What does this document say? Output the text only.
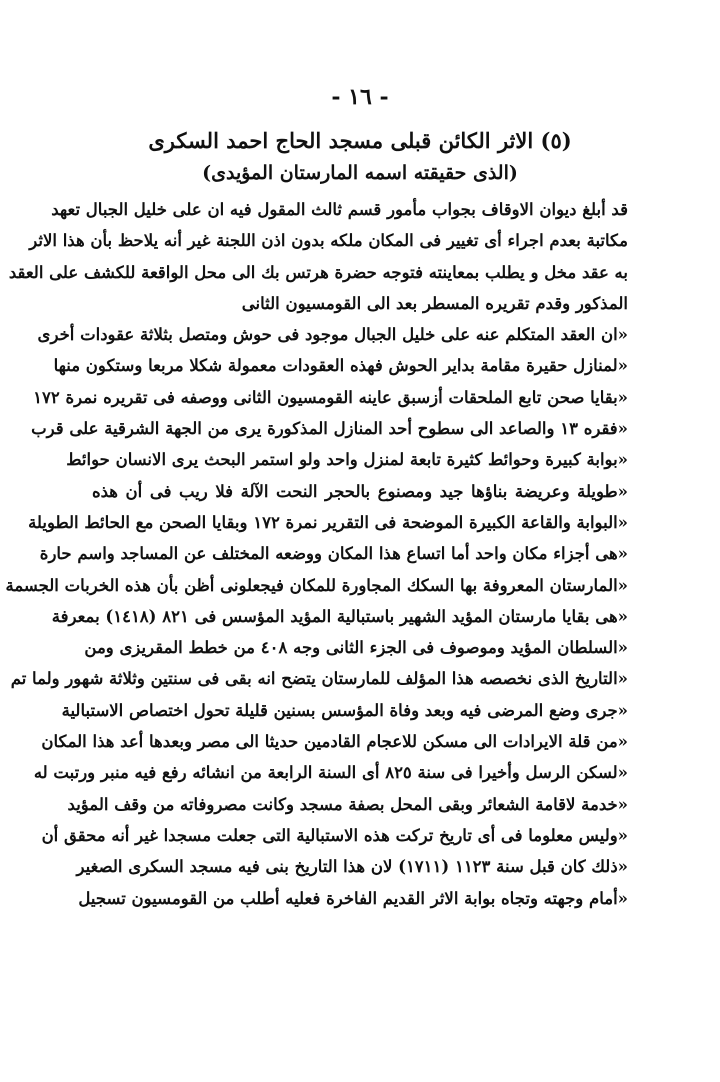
- ١٦ -
(٥) الاثر الكائن قبلى مسجد الحاج احمد السكرى
(الذى حقيقته اسمه المارستان المؤيدى)
قد أبلغ ديوان الاوقاف بجواب مأمور قسم ثالث المقول فيه ان على خليل الجبال تعهد
مكاتبة بعدم اجراء أى تغيير فى المكان ملكه بدون اذن اللجنة غير أنه يلاحظ بأن هذا الاثر
به عقد مخل و يطلب بمعاينته فتوجه حضرة هرتس بك الى محل الواقعة للكشف على العقد
المذكور وقدم تقريره المسطر بعد الى القومسيون الثانى
«ان العقد المتكلم عنه على خليل الجبال موجود فى حوش ومتصل بثلاثة عقودات أخرى
«لمنازل حقيرة مقامة بداير الحوش فهذه العقودات معمولة شكلا مربعا وستكون منها
«بقايا صحن تابع الملحقات أزسبق عاينه القومسيون الثانى ووصفه فى تقريره نمرة ١٧٢
«فقره ١٣ والصاعد الى سطوح أحد المنازل المذكورة يرى من الجهة الشرقية على قرب
«بوابة كبيرة وحوائط كثيرة تابعة لمنزل واحد ولو استمر البحث يرى الانسان حوائط
«طويلة وعريضة بناؤها جيد ومصنوع بالحجر النحت الآلة فلا ريب فى أن هذه
«البوابة والقاعة الكبيرة الموضحة فى التقرير نمرة ١٧٢ وبقايا الصحن مع الحائط الطويلة
«هى أجزاء مكان واحد أما اتساع هذا المكان ووضعه المختلف عن المساجد واسم حارة
«المارستان المعروفة بها السكك المجاورة للمكان فيجعلونى أظن بأن هذه الخربات الجسمة
«هى بقايا مارستان المؤيد الشهير باستبالية المؤيد المؤسس فى ٨٢١ (١٤١٨) بمعرفة
«السلطان المؤيد وموصوف فى الجزء الثانى وجه ٤٠٨ من خطط المقريزى ومن
«التاريخ الذى نخصصه هذا المؤلف للمارستان يتضح انه بقى فى سنتين وثلاثة شهور ولما تم
«جرى وضع المرضى فيه وبعد وفاة المؤسس بسنين قليلة تحول اختصاص الاستبالية
«من قلة الايرادات الى مسكن للاعجام القادمين حديثا الى مصر وبعدها أعد هذا المكان
«لسكن الرسل وأخيرا فى سنة ٨٢٥ أى السنة الرابعة من انشائه رفع فيه منبر ورتبت له
«خدمة لاقامة الشعائر وبقى المحل بصفة مسجد وكانت مصروفاته من وقف المؤيد
«وليس معلوما فى أى تاريخ تركت هذه الاستبالية التى جعلت مسجدا غير أنه محقق أن
«ذلك كان قبل سنة ١١٢٣ (١٧١١) لان هذا التاريخ بنى فيه مسجد السكرى الصغير
«أمام وجهته وتجاه بوابة الاثر القديم الفاخرة فعليه أطلب من القومسيون تسجيل
